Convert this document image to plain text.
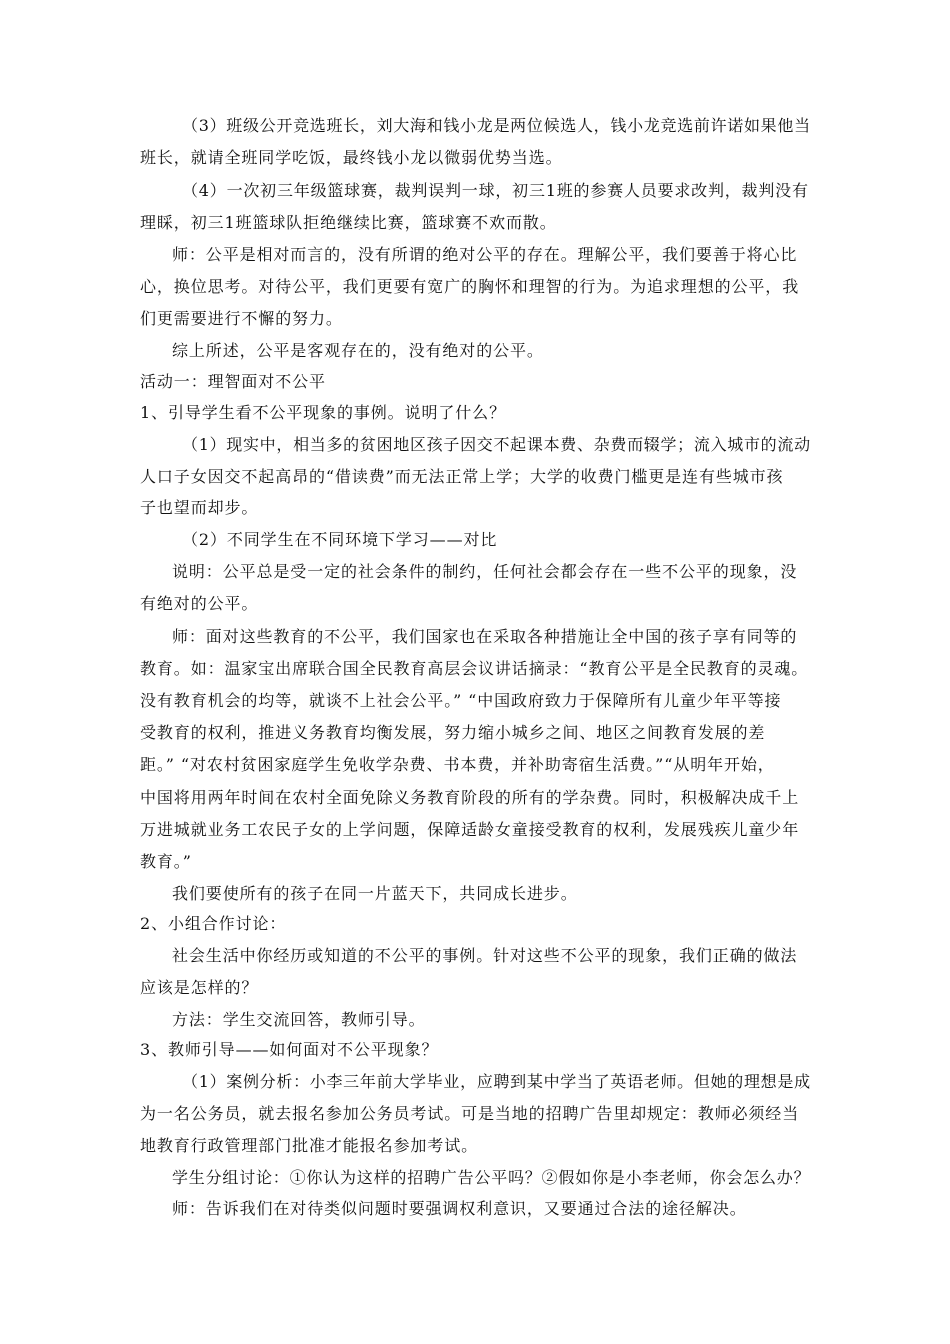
（3）班级公开竞选班长，刘大海和钱小龙是两位候选人，钱小龙竞选前许诺如果他当
班长，就请全班同学吃饭，最终钱小龙以微弱优势当选。
（4）一次初三年级篮球赛，裁判误判一球，初三1班的参赛人员要求改判，裁判没有
理睬，初三1班篮球队拒绝继续比赛，篮球赛不欢而散。
师：公平是相对而言的，没有所谓的绝对公平的存在。理解公平，我们要善于将心比
心，换位思考。对待公平，我们更要有宽广的胸怀和理智的行为。为追求理想的公平，我
们更需要进行不懈的努力。
综上所述，公平是客观存在的，没有绝对的公平。
活动一：理智面对不公平
1、引导学生看不公平现象的事例。说明了什么？
（1）现实中，相当多的贫困地区孩子因交不起课本费、杂费而辍学；流入城市的流动
人口子女因交不起高昂的“借读费”而无法正常上学；大学的收费门槛更是连有些城市孩
子也望而却步。
（2）不同学生在不同环境下学习——对比
说明：公平总是受一定的社会条件的制约，任何社会都会存在一些不公平的现象，没
有绝对的公平。
师：面对这些教育的不公平，我们国家也在采取各种措施让全中国的孩子享有同等的
教育。如：温家宝出席联合国全民教育高层会议讲话摘录：“教育公平是全民教育的灵魂。
没有教育机会的均等，就谈不上社会公平。” “中国政府致力于保障所有儿童少年平等接
受教育的权利，推进义务教育均衡发展，努力缩小城乡之间、地区之间教育发展的差
距。” “对农村贫困家庭学生免收学杂费、书本费，并补助寄宿生活费。”“从明年开始，
中国将用两年时间在农村全面免除义务教育阶段的所有的学杂费。同时，积极解决成千上
万进城就业务工农民子女的上学问题，保障适龄女童接受教育的权利，发展残疾儿童少年
教育。”
我们要使所有的孩子在同一片蓝天下，共同成长进步。
2、小组合作讨论：
社会生活中你经历或知道的不公平的事例。针对这些不公平的现象，我们正确的做法
应该是怎样的？
方法：学生交流回答，教师引导。
3、教师引导——如何面对不公平现象？
（1）案例分析：小李三年前大学毕业，应聘到某中学当了英语老师。但她的理想是成
为一名公务员，就去报名参加公务员考试。可是当地的招聘广告里却规定：教师必须经当
地教育行政管理部门批准才能报名参加考试。
学生分组讨论：①你认为这样的招聘广告公平吗？②假如你是小李老师，你会怎么办？
师：告诉我们在对待类似问题时要强调权利意识，又要通过合法的途径解决。
